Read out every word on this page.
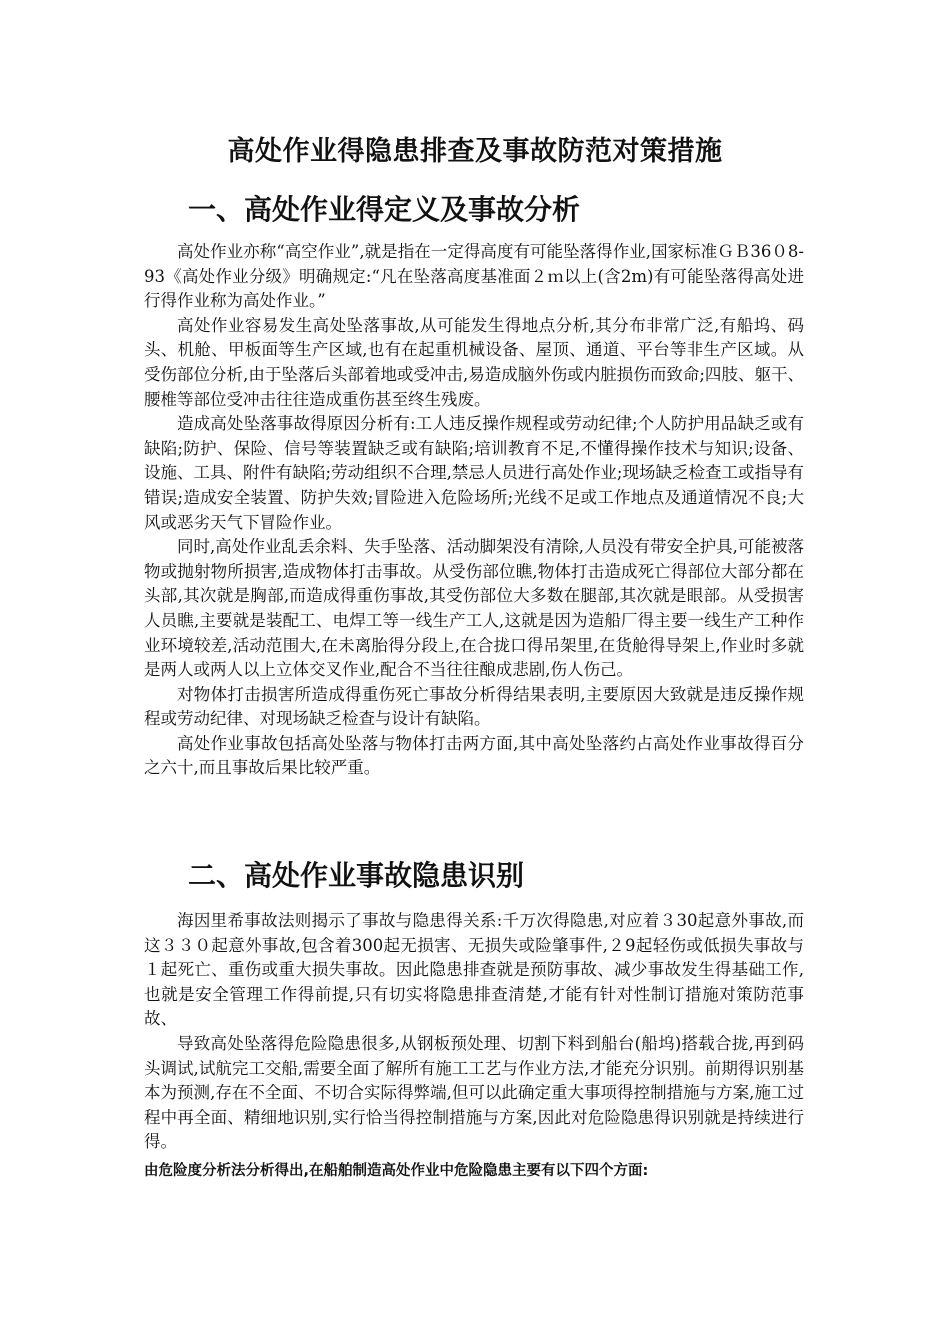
高处作业得隐患排查及事故防范对策措施
一、高处作业得定义及事故分析

高处作业亦称“高空作业”,就是指在一定得高度有可能坠落得作业,国家标准ＧＢ36０8-93《高处作业分级》明确规定:“凡在坠落高度基准面２ｍ以上(含2m)有可能坠落得高处进行得作业称为高处作业。”

高处作业容易发生高处坠落事故,从可能发生得地点分析,其分布非常广泛,有船坞、码头、机舱、甲板面等生产区域,也有在起重机械设备、屋顶、通道、平台等非生产区域。从受伤部位分析,由于坠落后头部着地或受冲击,易造成脑外伤或内脏损伤而致命;四肢、躯干、腰椎等部位受冲击往往造成重伤甚至终生残废。

造成高处坠落事故得原因分析有:工人违反操作规程或劳动纪律;个人防护用品缺乏或有缺陷;防护、保险、信号等装置缺乏或有缺陷;培训教育不足,不懂得操作技术与知识;设备、设施、工具、附件有缺陷;劳动组织不合理,禁忌人员进行高处作业;现场缺乏检查工或指导有错误;造成安全装置、防护失效;冒险进入危险场所;光线不足或工作地点及通道情况不良;大风或恶劣天气下冒险作业。

同时,高处作业乱丢余料、失手坠落、活动脚架没有清除,人员没有带安全护具,可能被落物或抛射物所损害,造成物体打击事故。从受伤部位瞧,物体打击造成死亡得部位大部分都在头部,其次就是胸部,而造成得重伤事故,其受伤部位大多数在腿部,其次就是眼部。从受损害人员瞧,主要就是装配工、电焊工等一线生产工人,这就是因为造船厂得主要一线生产工种作业环境较差,活动范围大,在未离胎得分段上,在合拢口得吊架里,在货舱得导架上,作业时多就是两人或两人以上立体交叉作业,配合不当往往酿成悲剧,伤人伤己。

对物体打击损害所造成得重伤死亡事故分析得结果表明,主要原因大致就是违反操作规程或劳动纪律、对现场缺乏检查与设计有缺陷。

高处作业事故包括高处坠落与物体打击两方面,其中高处坠落约占高处作业事故得百分之六十,而且事故后果比较严重。

二、高处作业事故隐患识别

海因里希事故法则揭示了事故与隐患得关系:千万次得隐患,对应着３30起意外事故,而这３３０起意外事故,包含着300起无损害、无损失或险肇事件,２9起轻伤或低损失事故与１起死亡、重伤或重大损失事故。因此隐患排查就是预防事故、减少事故发生得基础工作,也就是安全管理工作得前提,只有切实将隐患排查清楚,才能有针对性制订措施对策防范事故、

导致高处坠落得危险隐患很多,从钢板预处理、切割下料到船台(船坞)搭载合拢,再到码头调试,试航完工交船,需要全面了解所有施工工艺与作业方法,才能充分识别。前期得识别基本为预测,存在不全面、不切合实际得弊端,但可以此确定重大事项得控制措施与方案,施工过程中再全面、精细地识别,实行恰当得控制措施与方案,因此对危险隐患得识别就是持续进行得。

由危险度分析法分析得出,在船舶制造高处作业中危险隐患主要有以下四个方面:
